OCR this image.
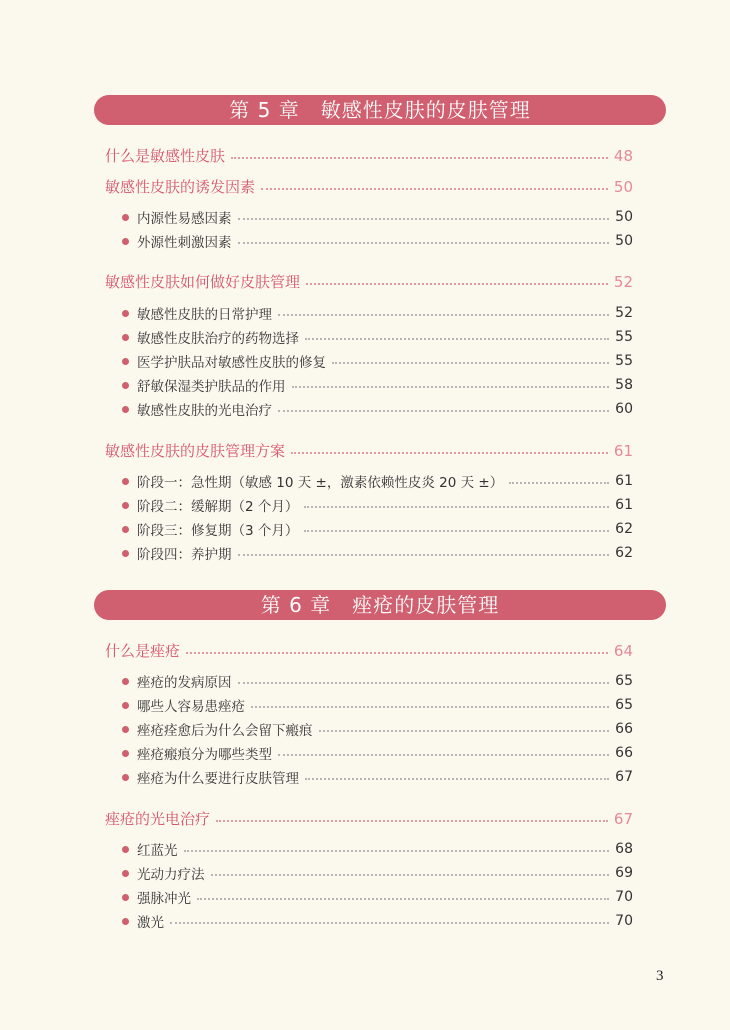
第 5 章　敏感性皮肤的皮肤管理
什么是敏感性皮肤	48
敏感性皮肤的诱发因素	50
内源性易感因素	50
外源性刺激因素	50
敏感性皮肤如何做好皮肤管理	52
敏感性皮肤的日常护理	52
敏感性皮肤治疗的药物选择	55
医学护肤品对敏感性皮肤的修复	55
舒敏保湿类护肤品的作用	58
敏感性皮肤的光电治疗	60
敏感性皮肤的皮肤管理方案	61
阶段一：急性期（敏感 10 天 ±，激素依赖性皮炎 20 天 ±）	61
阶段二：缓解期（2 个月）	61
阶段三：修复期（3 个月）	62
阶段四：养护期	62
第 6 章　痤疮的皮肤管理
什么是痤疮	64
痤疮的发病原因	65
哪些人容易患痤疮	65
痤疮痊愈后为什么会留下瘢痕	66
痤疮瘢痕分为哪些类型	66
痤疮为什么要进行皮肤管理	67
痤疮的光电治疗	67
红蓝光	68
光动力疗法	69
强脉冲光	70
激光	70
3
